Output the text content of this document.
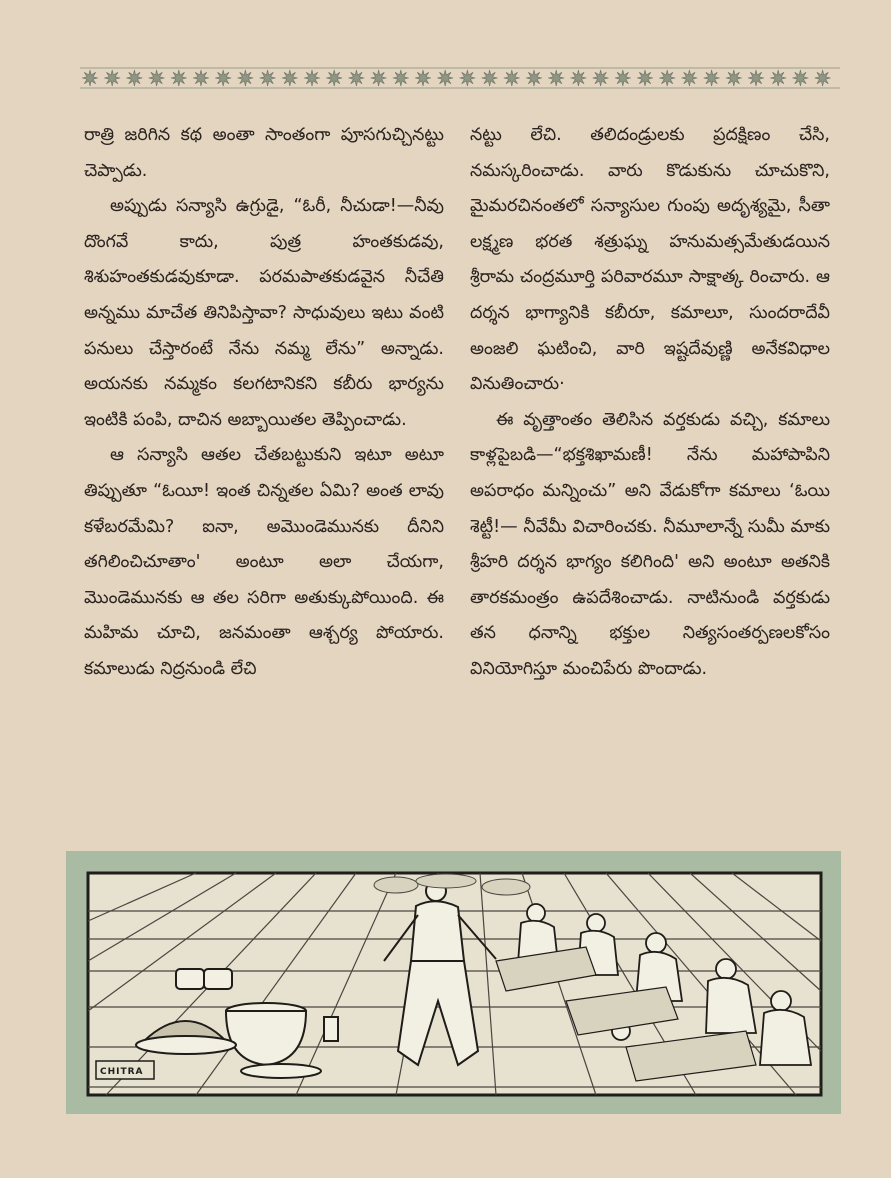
రాత్రి జరిగిన కథ అంతా సాంతంగా పూసగుచ్చినట్టు చెప్పాడు.

అప్పుడు సన్యాసి ఉగ్రుడై, “ఓరీ, నీచుడా!—నీవు దొంగవే కాదు, పుత్ర హంతకుడవు, శిశుహంతకుడవుకూడా. పరమపాతకుడవైన నీచేతి అన్నము మాచేత తినిపిస్తావా? సాధువులు ఇటు వంటి పనులు చేస్తారంటే నేను నమ్మ లేను” అన్నాడు. అయనకు నమ్మకం కలగటానికని కబీరు భార్యను ఇంటికి పంపి, దాచిన అబ్బాయితల తెప్పించాడు.

ఆ సన్యాసి ఆతల చేతబట్టుకుని ఇటూ అటూ తిప్పుతూ “ఓయీ! ఇంత చిన్నతల ఏమి? అంత లావు కళేబరమేమి? ఐనా, అమొండెమునకు దీనిని తగిలించిచూతాం' అంటూ అలా చేయగా, మొండెమునకు ఆ తల సరిగా అతుక్కుపోయింది. ఈ మహిమ చూచి, జనమంతా ఆశ్చర్య పోయారు. కమాలుడు నిద్రనుండి లేచి

నట్టు లేచి. తలిదండ్రులకు ప్రదక్షిణం చేసి, నమస్కరించాడు. వారు కొడుకును చూచుకొని, మైమరచినంతలో సన్యాసుల గుంపు అదృశ్యమై, సీతా లక్ష్మణ భరత శత్రుఘ్న హనుమత్సమేతుడయిన శ్రీరామ చంద్రమూర్తి పరివారమూ సాక్షాత్క రించారు. ఆ దర్శన భాగ్యానికి కబీరూ, కమాలూ, సుందరాదేవీ అంజలి ఘటించి, వారి ఇష్టదేవుణ్ణి అనేకవిధాల వినుతించారు·

ఈ వృత్తాంతం తెలిసిన వర్తకుడు వచ్చి, కమాలు కాళ్లపైబడి—“భక్తశిఖామణీ! నేను మహాపాపిని అపరాధం మన్నించు” అని వేడుకోగా కమాలు ‘ఓయి శెట్టీ!— నీవేమీ విచారించకు. నీమూలాన్నే సుమీ మాకు శ్రీహరి దర్శన భాగ్యం కలిగింది' అని అంటూ అతనికి తారకమంత్రం ఉపదేశించాడు. నాటినుండి వర్తకుడు తన ధనాన్ని భక్తుల నిత్యసంతర్పణలకోసం వినియోగిస్తూ మంచిపేరు పొందాడు.

CHITRA
